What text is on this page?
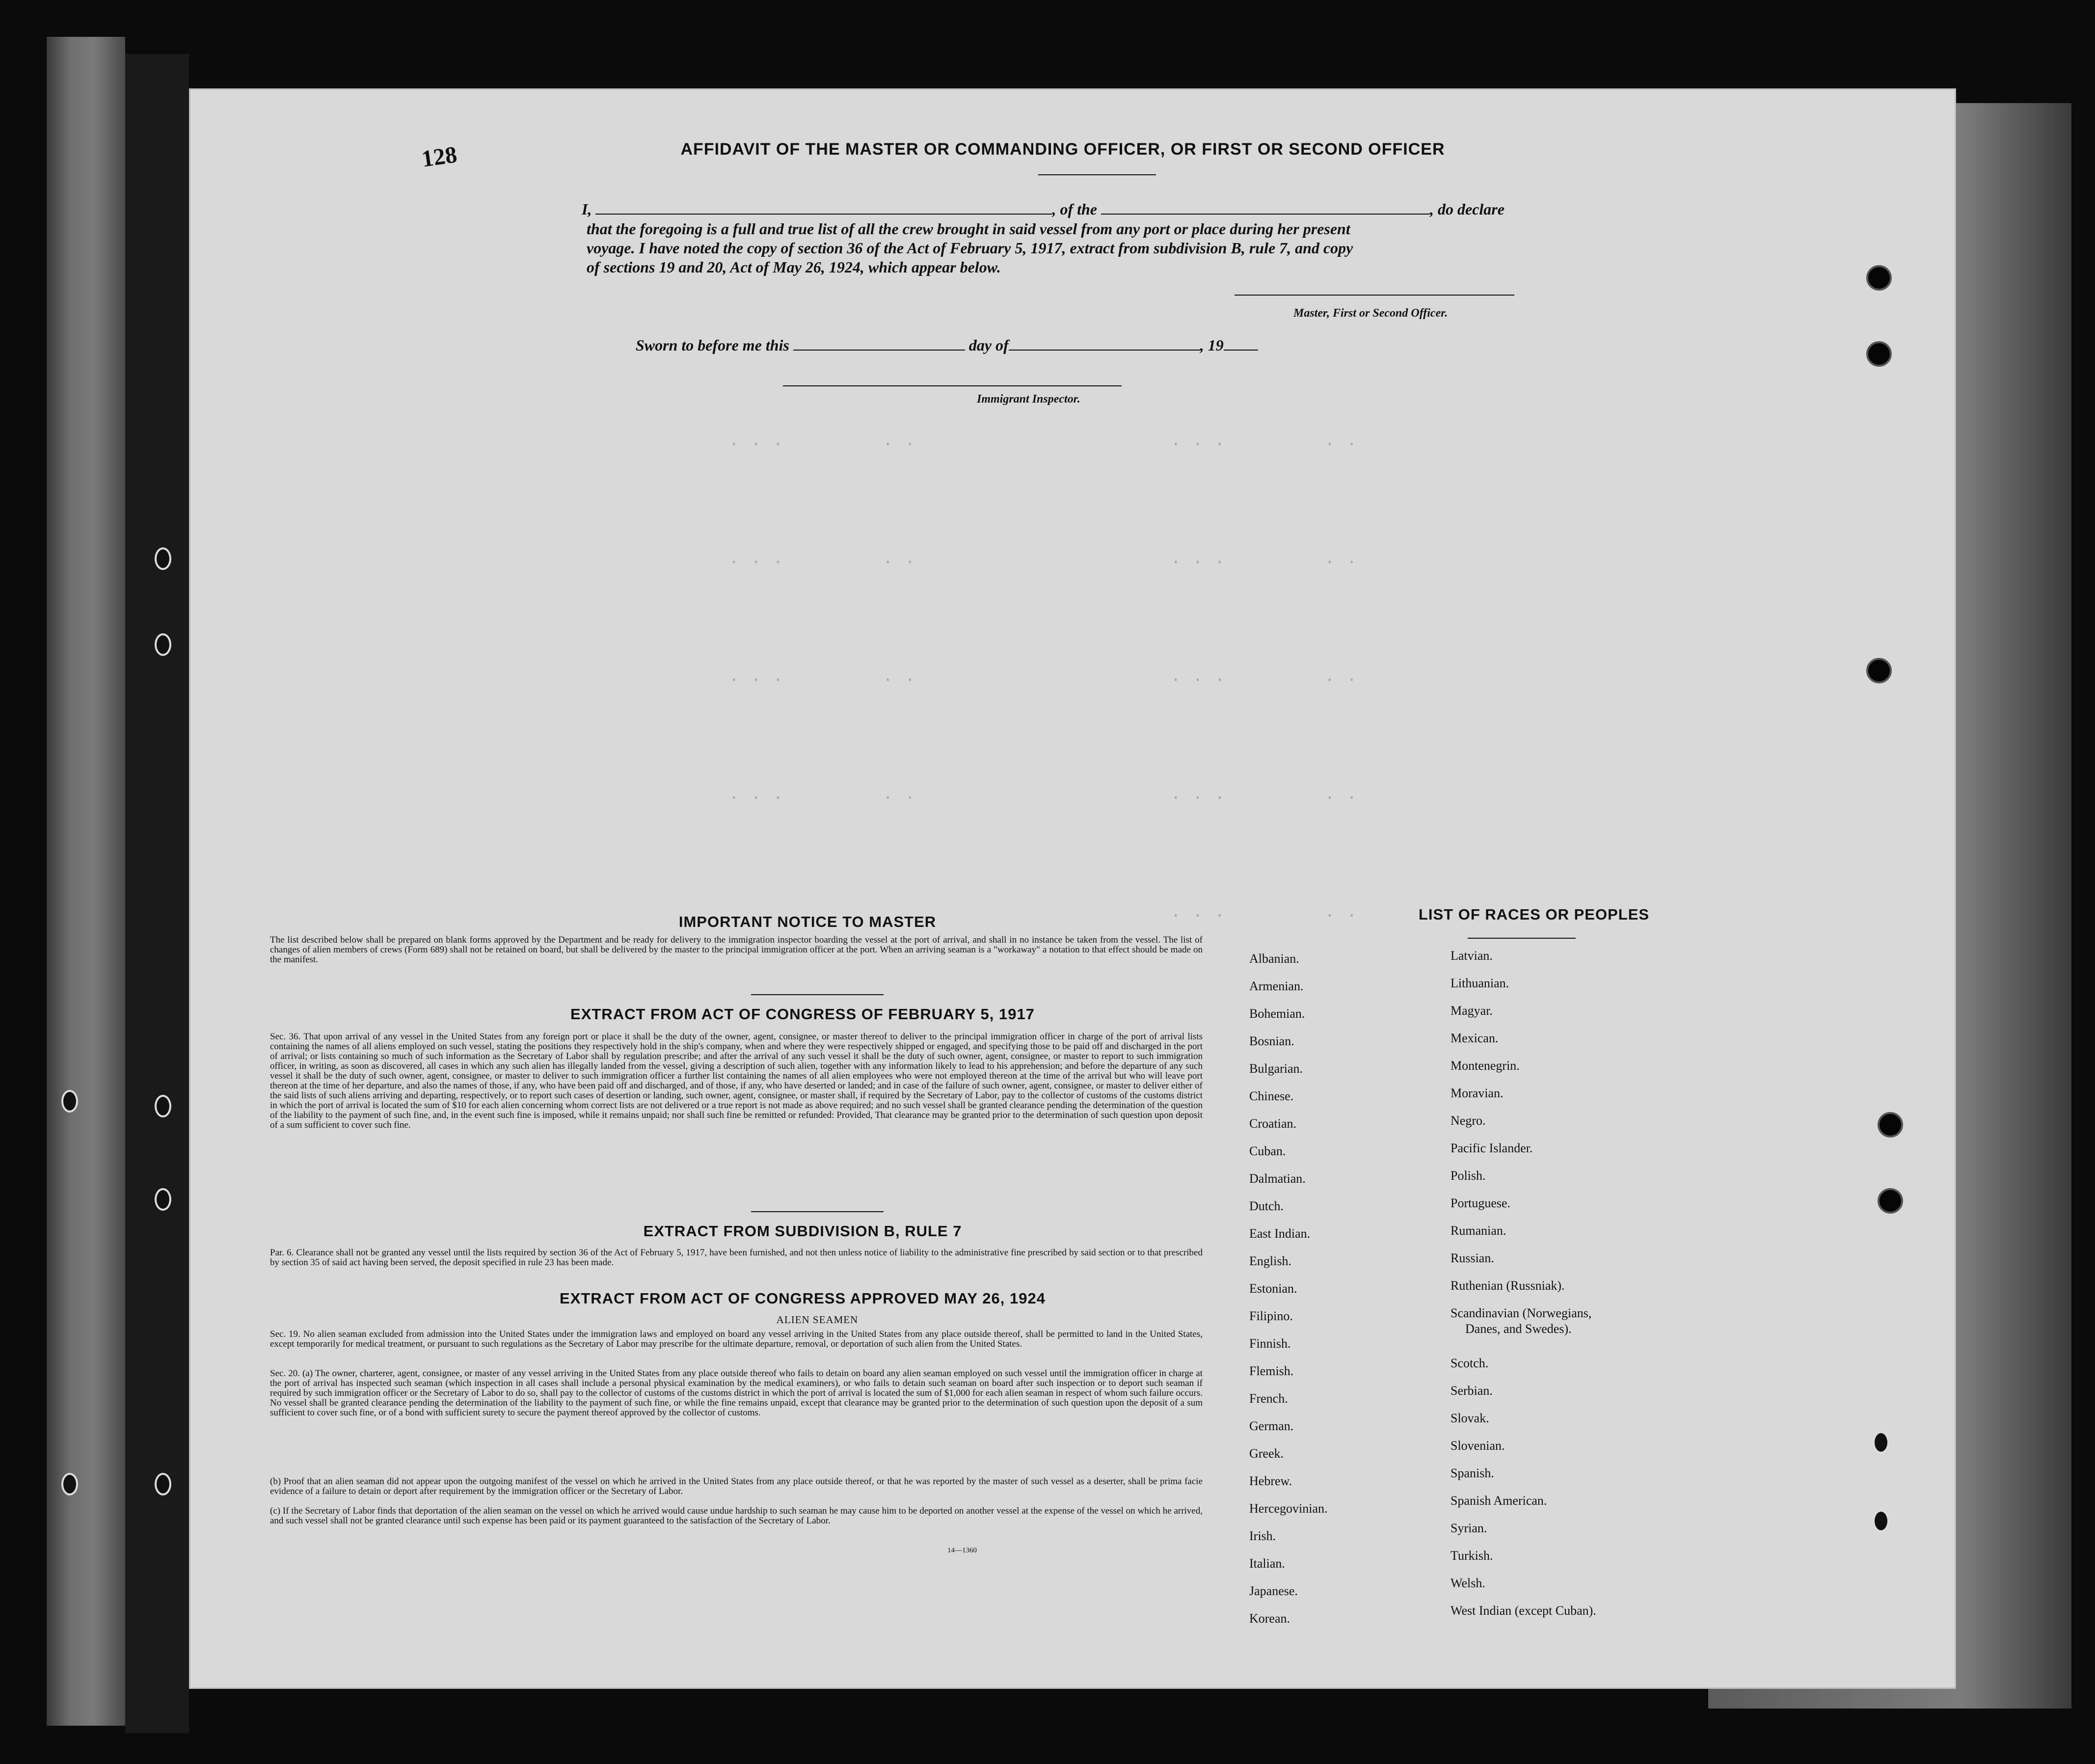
. . .         . .
. . .         . .
. . .         . .
. . .         . .
. . .         . .
. . .         . .
. . .         . .
. . .         . .
. . .         . .
128	AFFIDAVIT OF THE MASTER OR COMMANDING OFFICER, OR FIRST OR SECOND OFFICER
I,	, of the	, do declare
that the foregoing is a full and true list of all the crew brought in said vessel from any port or place during her present
voyage. I have noted the copy of section 36 of the Act of February 5, 1917, extract from subdivision B, rule 7, and copy
of sections 19 and 20, Act of May 26, 1924, which appear below.
Master, First or Second Officer.
Sworn to before me this	day of	, 19
Immigrant Inspector.
IMPORTANT NOTICE TO MASTER
The list described below shall be prepared on blank forms approved by the Department and be ready for delivery to the immigration inspector boarding the vessel at the port of arrival, and shall in no instance be taken from the vessel. The list of changes of alien members of crews (Form 689) shall not be retained on board, but shall be delivered by the master to the principal immigration officer at the port. When an arriving seaman is a "workaway" a notation to that effect should be made on the manifest.
EXTRACT FROM ACT OF CONGRESS OF FEBRUARY 5, 1917
Sec. 36. That upon arrival of any vessel in the United States from any foreign port or place it shall be the duty of the owner, agent, consignee, or master thereof to deliver to the principal immigration officer in charge of the port of arrival lists containing the names of all aliens employed on such vessel, stating the positions they respectively hold in the ship's company, when and where they were respectively shipped or engaged, and specifying those to be paid off and discharged in the port of arrival; or lists containing so much of such information as the Secretary of Labor shall by regulation prescribe; and after the arrival of any such vessel it shall be the duty of such owner, agent, consignee, or master to report to such immigration officer, in writing, as soon as discovered, all cases in which any such alien has illegally landed from the vessel, giving a description of such alien, together with any information likely to lead to his apprehension; and before the departure of any such vessel it shall be the duty of such owner, agent, consignee, or master to deliver to such immigration officer a further list containing the names of all alien employees who were not employed thereon at the time of the arrival but who will leave port thereon at the time of her departure, and also the names of those, if any, who have been paid off and discharged, and of those, if any, who have deserted or landed; and in case of the failure of such owner, agent, consignee, or master to deliver either of the said lists of such aliens arriving and departing, respectively, or to report such cases of desertion or landing, such owner, agent, consignee, or master shall, if required by the Secretary of Labor, pay to the collector of customs of the customs district in which the port of arrival is located the sum of $10 for each alien concerning whom correct lists are not delivered or a true report is not made as above required; and no such vessel shall be granted clearance pending the determination of the question of the liability to the payment of such fine, and, in the event such fine is imposed, while it remains unpaid; nor shall such fine be remitted or refunded: Provided, That clearance may be granted prior to the determination of such question upon deposit of a sum sufficient to cover such fine.
EXTRACT FROM SUBDIVISION B, RULE 7
Par. 6. Clearance shall not be granted any vessel until the lists required by section 36 of the Act of February 5, 1917, have been furnished, and not then unless notice of liability to the administrative fine prescribed by said section or to that prescribed by section 35 of said act having been served, the deposit specified in rule 23 has been made.
EXTRACT FROM ACT OF CONGRESS APPROVED MAY 26, 1924
ALIEN SEAMEN
Sec. 19. No alien seaman excluded from admission into the United States under the immigration laws and employed on board any vessel arriving in the United States from any place outside thereof, shall be permitted to land in the United States, except temporarily for medical treatment, or pursuant to such regulations as the Secretary of Labor may prescribe for the ultimate departure, removal, or deportation of such alien from the United States.
Sec. 20. (a) The owner, charterer, agent, consignee, or master of any vessel arriving in the United States from any place outside thereof who fails to detain on board any alien seaman employed on such vessel until the immigration officer in charge at the port of arrival has inspected such seaman (which inspection in all cases shall include a personal physical examination by the medical examiners), or who fails to detain such seaman on board after such inspection or to deport such seaman if required by such immigration officer or the Secretary of Labor to do so, shall pay to the collector of customs of the customs district in which the port of arrival is located the sum of $1,000 for each alien seaman in respect of whom such failure occurs. No vessel shall be granted clearance pending the determination of the liability to the payment of such fine, or while the fine remains unpaid, except that clearance may be granted prior to the determination of such question upon the deposit of a sum sufficient to cover such fine, or of a bond with sufficient surety to secure the payment thereof approved by the collector of customs.
(b) Proof that an alien seaman did not appear upon the outgoing manifest of the vessel on which he arrived in the United States from any place outside thereof, or that he was reported by the master of such vessel as a deserter, shall be prima facie evidence of a failure to detain or deport after requirement by the immigration officer or the Secretary of Labor.
(c) If the Secretary of Labor finds that deportation of the alien seaman on the vessel on which he arrived would cause undue hardship to such seaman he may cause him to be deported on another vessel at the expense of the vessel on which he arrived, and such vessel shall not be granted clearance until such expense has been paid or its payment guaranteed to the satisfaction of the Secretary of Labor.
14—1360
LIST OF RACES OR PEOPLES
Albanian.
Armenian.
Bohemian.
Bosnian.
Bulgarian.
Chinese.
Croatian.
Cuban.
Dalmatian.
Dutch.
East Indian.
English.
Estonian.
Filipino.
Finnish.
Flemish.
French.
German.
Greek.
Hebrew.
Hercegovinian.
Irish.
Italian.
Japanese.
Korean.
Latvian.
Lithuanian.
Magyar.
Mexican.
Montenegrin.
Moravian.
Negro.
Pacific Islander.
Polish.
Portuguese.
Rumanian.
Russian.
Ruthenian (Russniak).
Scandinavian (Norwegians,
Danes, and Swedes).
Scotch.
Serbian.
Slovak.
Slovenian.
Spanish.
Spanish American.
Syrian.
Turkish.
Welsh.
West Indian (except Cuban).
